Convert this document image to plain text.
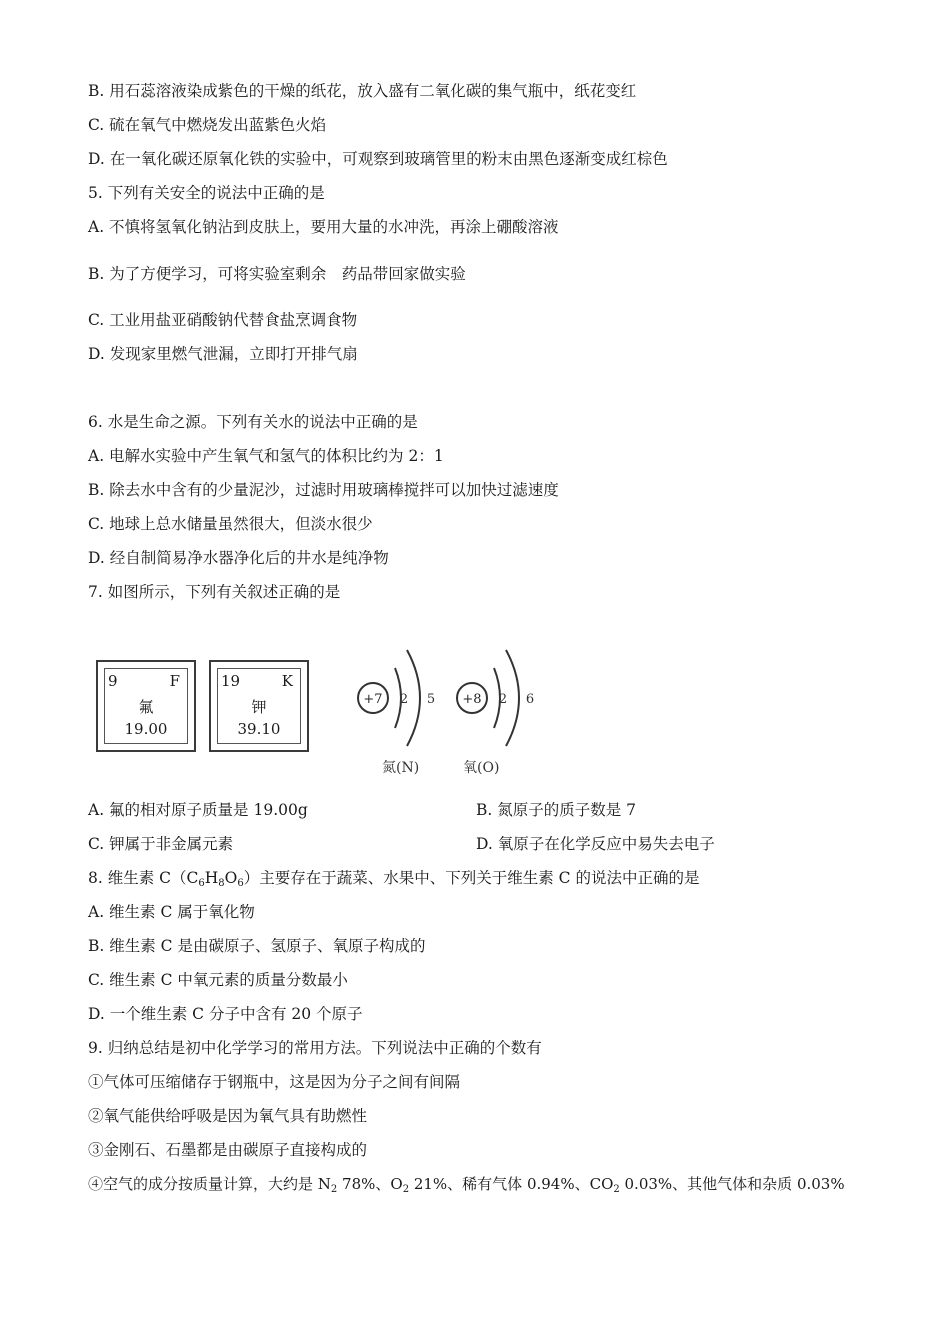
B. 用石蕊溶液染成紫色的干燥的纸花，放入盛有二氧化碳的集气瓶中，纸花变红
C. 硫在氧气中燃烧发出蓝紫色火焰
D. 在一氧化碳还原氧化铁的实验中，可观察到玻璃管里的粉末由黑色逐渐变成红棕色
5. 下列有关安全的说法中正确的是
A. 不慎将氢氧化钠沾到皮肤上，要用大量的水冲洗，再涂上硼酸溶液
B. 为了方便学习，可将实验室剩余　药品带回家做实验
C. 工业用盐亚硝酸钠代替食盐烹调食物
D. 发现家里燃气泄漏，立即打开排气扇
6. 水是生命之源。下列有关水的说法中正确的是
A. 电解水实验中产生氧气和氢气的体积比约为 2：1
B. 除去水中含有的少量泥沙，过滤时用玻璃棒搅拌可以加快过滤速度
C. 地球上总水储量虽然很大，但淡水很少
D. 经自制简易净水器净化后的井水是纯净物
7. 如图所示，下列有关叙述正确的是
9	F
氟
19.00
19	K
钾
39.10
+7 2 5 +8 2 6
氮(N)	氧(O)
A. 氟的相对原子质量是 19.00g	B. 氮原子的质子数是 7
C. 钾属于非金属元素	D. 氧原子在化学反应中易失去电子
8. 维生素 $C(C_6H_8O_6)$主要存在于蔬菜、水果中、下列关于维生素 C 的说法中正确的是
A. 维生素 C 属于氧化物
B. 维生素 C 是由碳原子、氢原子、氧原子构成的
C. 维生素 C 中氧元素的质量分数最小
D. 一个维生素 C 分子中含有 20 个原子
9. 归纳总结是初中化学学习的常用方法。下列说法中正确的个数有
①气体可压缩储存于钢瓶中，这是因为分子之间有间隔
②氧气能供给呼吸是因为氧气具有助燃性
③金刚石、石墨都是由碳原子直接构成的
④空气的成分按质量计算，大约是 $N_2$ 78%、$O_2$ 21%、稀有气体 0.94%、$CO_2$ 0.03%、其他气体和杂质 0.03%
